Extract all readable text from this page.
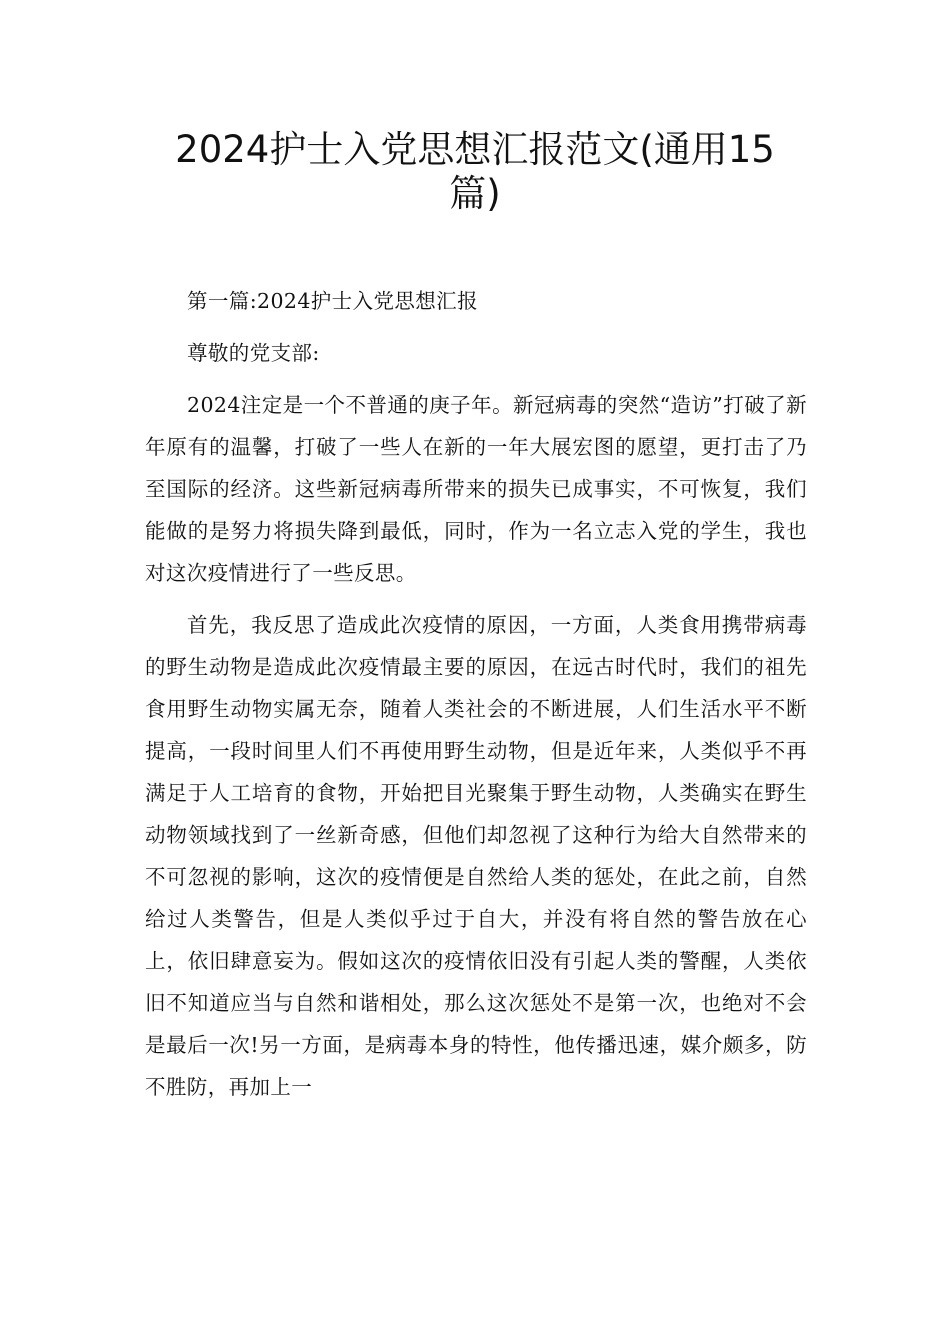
2024护士入党思想汇报范文(通用15
篇)

第一篇:2024护士入党思想汇报

尊敬的党支部:

2024注定是一个不普通的庚子年。新冠病毒的突然“造访”打破了新年原有的温馨，打破了一些人在新的一年大展宏图的愿望，更打击了乃至国际的经济。这些新冠病毒所带来的损失已成事实，不可恢复，我们能做的是努力将损失降到最低，同时，作为一名立志入党的学生，我也对这次疫情进行了一些反思。

首先，我反思了造成此次疫情的原因，一方面，人类食用携带病毒的野生动物是造成此次疫情最主要的原因，在远古时代时，我们的祖先食用野生动物实属无奈，随着人类社会的不断进展，人们生活水平不断提高，一段时间里人们不再使用野生动物，但是近年来，人类似乎不再满足于人工培育的食物，开始把目光聚集于野生动物，人类确实在野生动物领域找到了一丝新奇感，但他们却忽视了这种行为给大自然带来的不可忽视的影响，这次的疫情便是自然给人类的惩处，在此之前，自然给过人类警告，但是人类似乎过于自大，并没有将自然的警告放在心上，依旧肆意妄为。假如这次的疫情依旧没有引起人类的警醒，人类依旧不知道应当与自然和谐相处，那么这次惩处不是第一次，也绝对不会是最后一次!另一方面，是病毒本身的特性，他传播迅速，媒介颇多，防不胜防，再加上一
